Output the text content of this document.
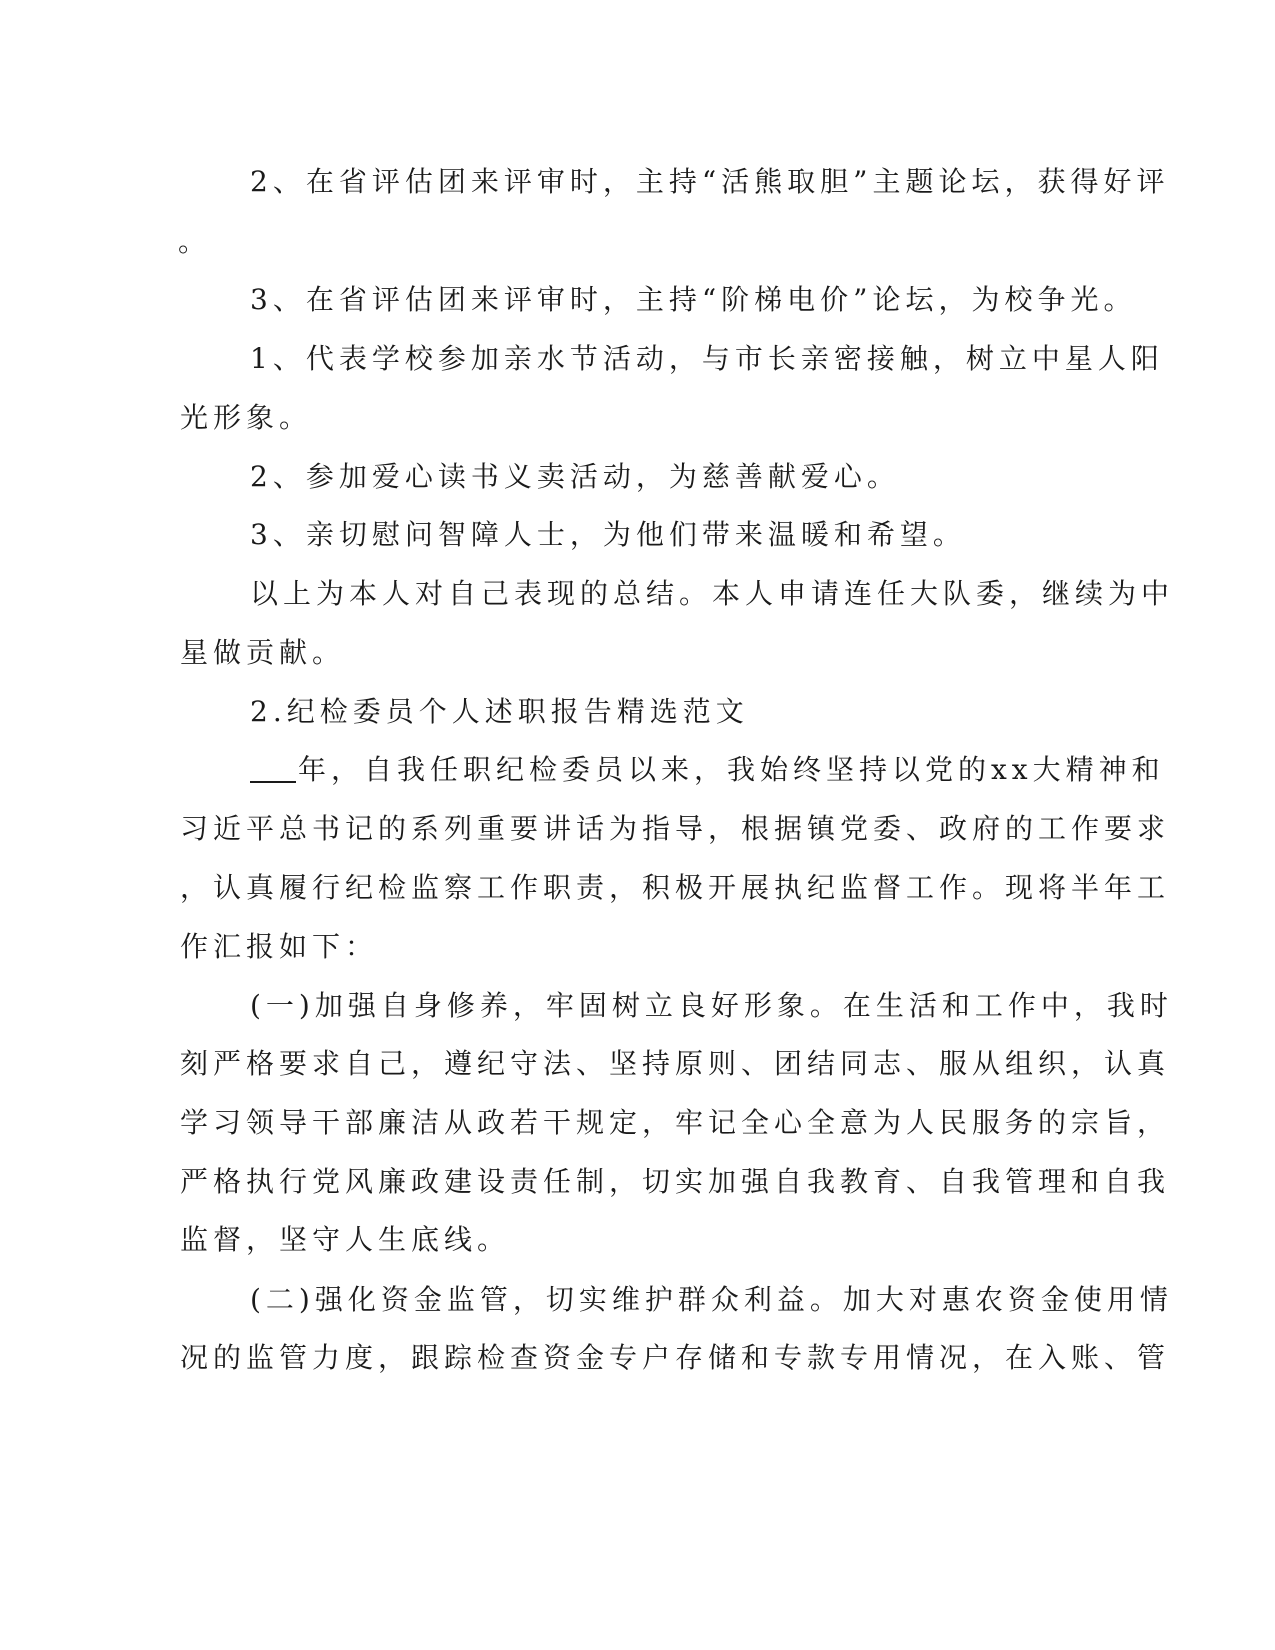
2、在省评估团来评审时，主持“活熊取胆”主题论坛，获得好评
。
3、在省评估团来评审时，主持“阶梯电价”论坛，为校争光。
1、代表学校参加亲水节活动，与市长亲密接触，树立中星人阳
光形象。
2、参加爱心读书义卖活动，为慈善献爱心。
3、亲切慰问智障人士，为他们带来温暖和希望。
以上为本人对自己表现的总结。本人申请连任大队委，继续为中
星做贡献。
2.纪检委员个人述职报告精选范文
年，自我任职纪检委员以来，我始终坚持以党的xx大精神和
习近平总书记的系列重要讲话为指导，根据镇党委、政府的工作要求
，认真履行纪检监察工作职责，积极开展执纪监督工作。现将半年工
作汇报如下：
(一)加强自身修养，牢固树立良好形象。在生活和工作中，我时
刻严格要求自己，遵纪守法、坚持原则、团结同志、服从组织，认真
学习领导干部廉洁从政若干规定，牢记全心全意为人民服务的宗旨，
严格执行党风廉政建设责任制，切实加强自我教育、自我管理和自我
监督，坚守人生底线。
(二)强化资金监管，切实维护群众利益。加大对惠农资金使用情
况的监管力度，跟踪检查资金专户存储和专款专用情况，在入账、管
